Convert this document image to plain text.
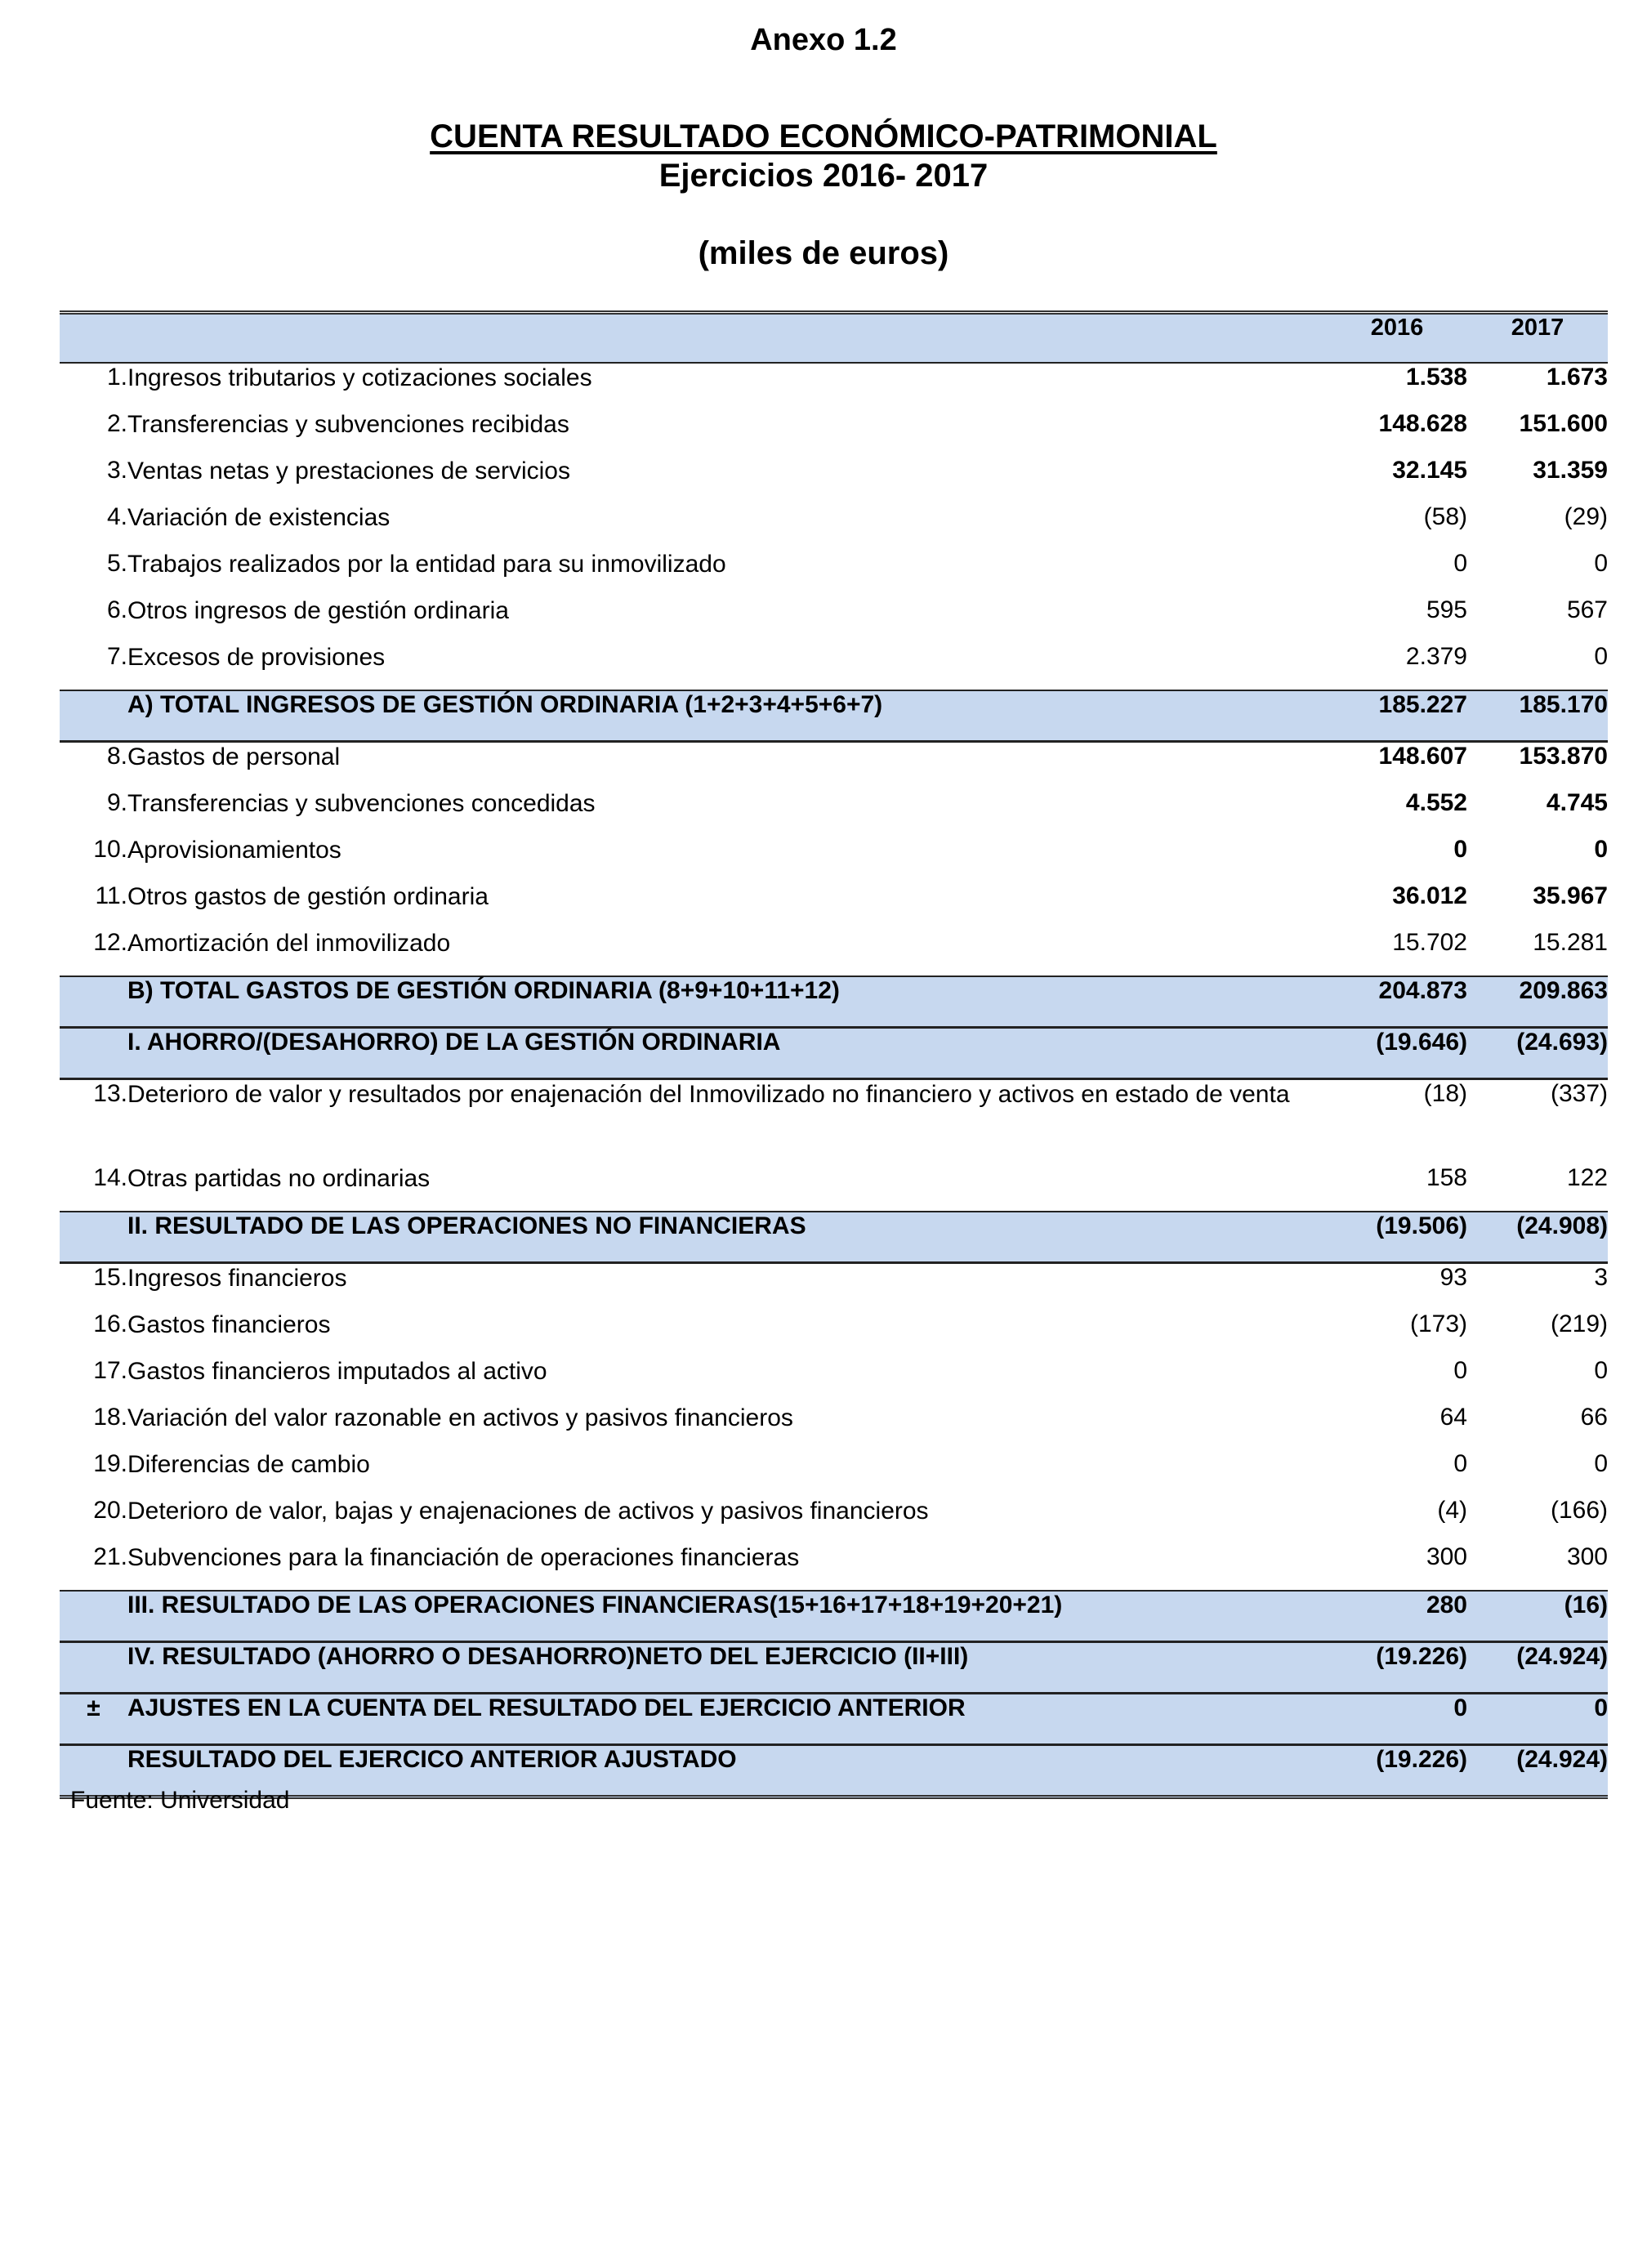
Anexo 1.2
CUENTA RESULTADO ECONÓMICO-PATRIMONIAL
Ejercicios 2016- 2017
(miles de euros)
		2016	2017
1.	Ingresos tributarios y cotizaciones sociales	1.538	1.673
2.	Transferencias y subvenciones recibidas	148.628	151.600
3.	Ventas netas y prestaciones de servicios	32.145	31.359
4.	Variación de existencias	(58)	(29)
5.	Trabajos realizados por la entidad para su inmovilizado	0	0
6.	Otros ingresos de gestión ordinaria	595	567
7.	Excesos de provisiones	2.379	0
	A) TOTAL INGRESOS DE GESTIÓN ORDINARIA (1+2+3+4+5+6+7)	185.227	185.170
8.	Gastos de personal	148.607	153.870
9.	Transferencias y subvenciones concedidas	4.552	4.745
10.	Aprovisionamientos	0	0
11.	Otros gastos de gestión ordinaria	36.012	35.967
12.	Amortización del inmovilizado	15.702	15.281
	B) TOTAL GASTOS DE GESTIÓN ORDINARIA (8+9+10+11+12)	204.873	209.863
	I. AHORRO/(DESAHORRO) DE LA GESTIÓN ORDINARIA	(19.646)	(24.693)
13.	Deterioro de valor y resultados por enajenación del Inmovilizado no financiero y activos en estado de venta	(18)	(337)
14.	Otras partidas no ordinarias	158	122
	II. RESULTADO DE LAS OPERACIONES NO FINANCIERAS	(19.506)	(24.908)
15.	Ingresos financieros	93	3
16.	Gastos financieros	(173)	(219)
17.	Gastos financieros imputados al activo	0	0
18.	Variación del valor razonable en activos y pasivos financieros	64	66
19.	Diferencias de cambio	0	0
20.	Deterioro de valor, bajas y enajenaciones de activos y pasivos financieros	(4)	(166)
21.	Subvenciones para la financiación de operaciones financieras	300	300
	III. RESULTADO DE LAS OPERACIONES FINANCIERAS(15+16+17+18+19+20+21)	280	(16)
	IV. RESULTADO (AHORRO O DESAHORRO)NETO DEL EJERCICIO (II+III)	(19.226)	(24.924)
±	AJUSTES EN LA CUENTA DEL RESULTADO DEL EJERCICIO ANTERIOR	0	0
	RESULTADO DEL EJERCICO ANTERIOR AJUSTADO	(19.226)	(24.924)

Fuente: Universidad
